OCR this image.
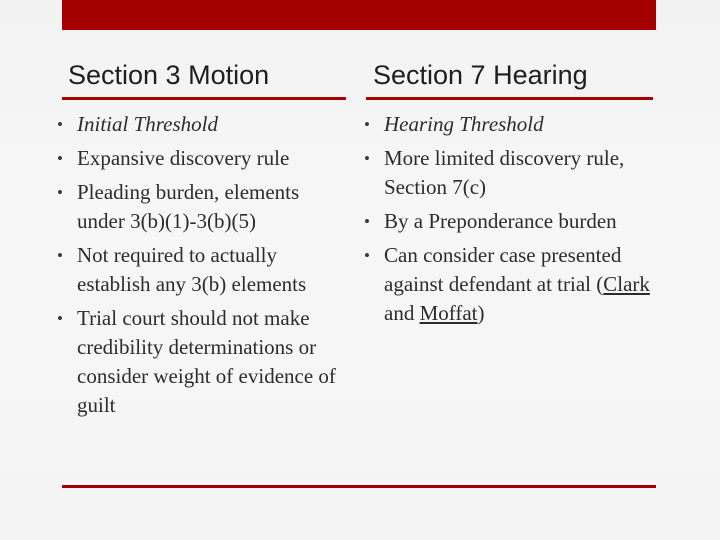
Section 3 Motion	Section 7 Hearing
• Initial Threshold
• Expansive discovery rule
• Pleading burden, elements under 3(b)(1)-3(b)(5)
• Not required to actually establish any 3(b) elements
• Trial court should not make credibility determinations or consider weight of evidence of guilt
• Hearing Threshold
• More limited discovery rule, Section 7(c)
• By a Preponderance burden
• Can consider case presented against defendant at trial (Clark and Moffat)
